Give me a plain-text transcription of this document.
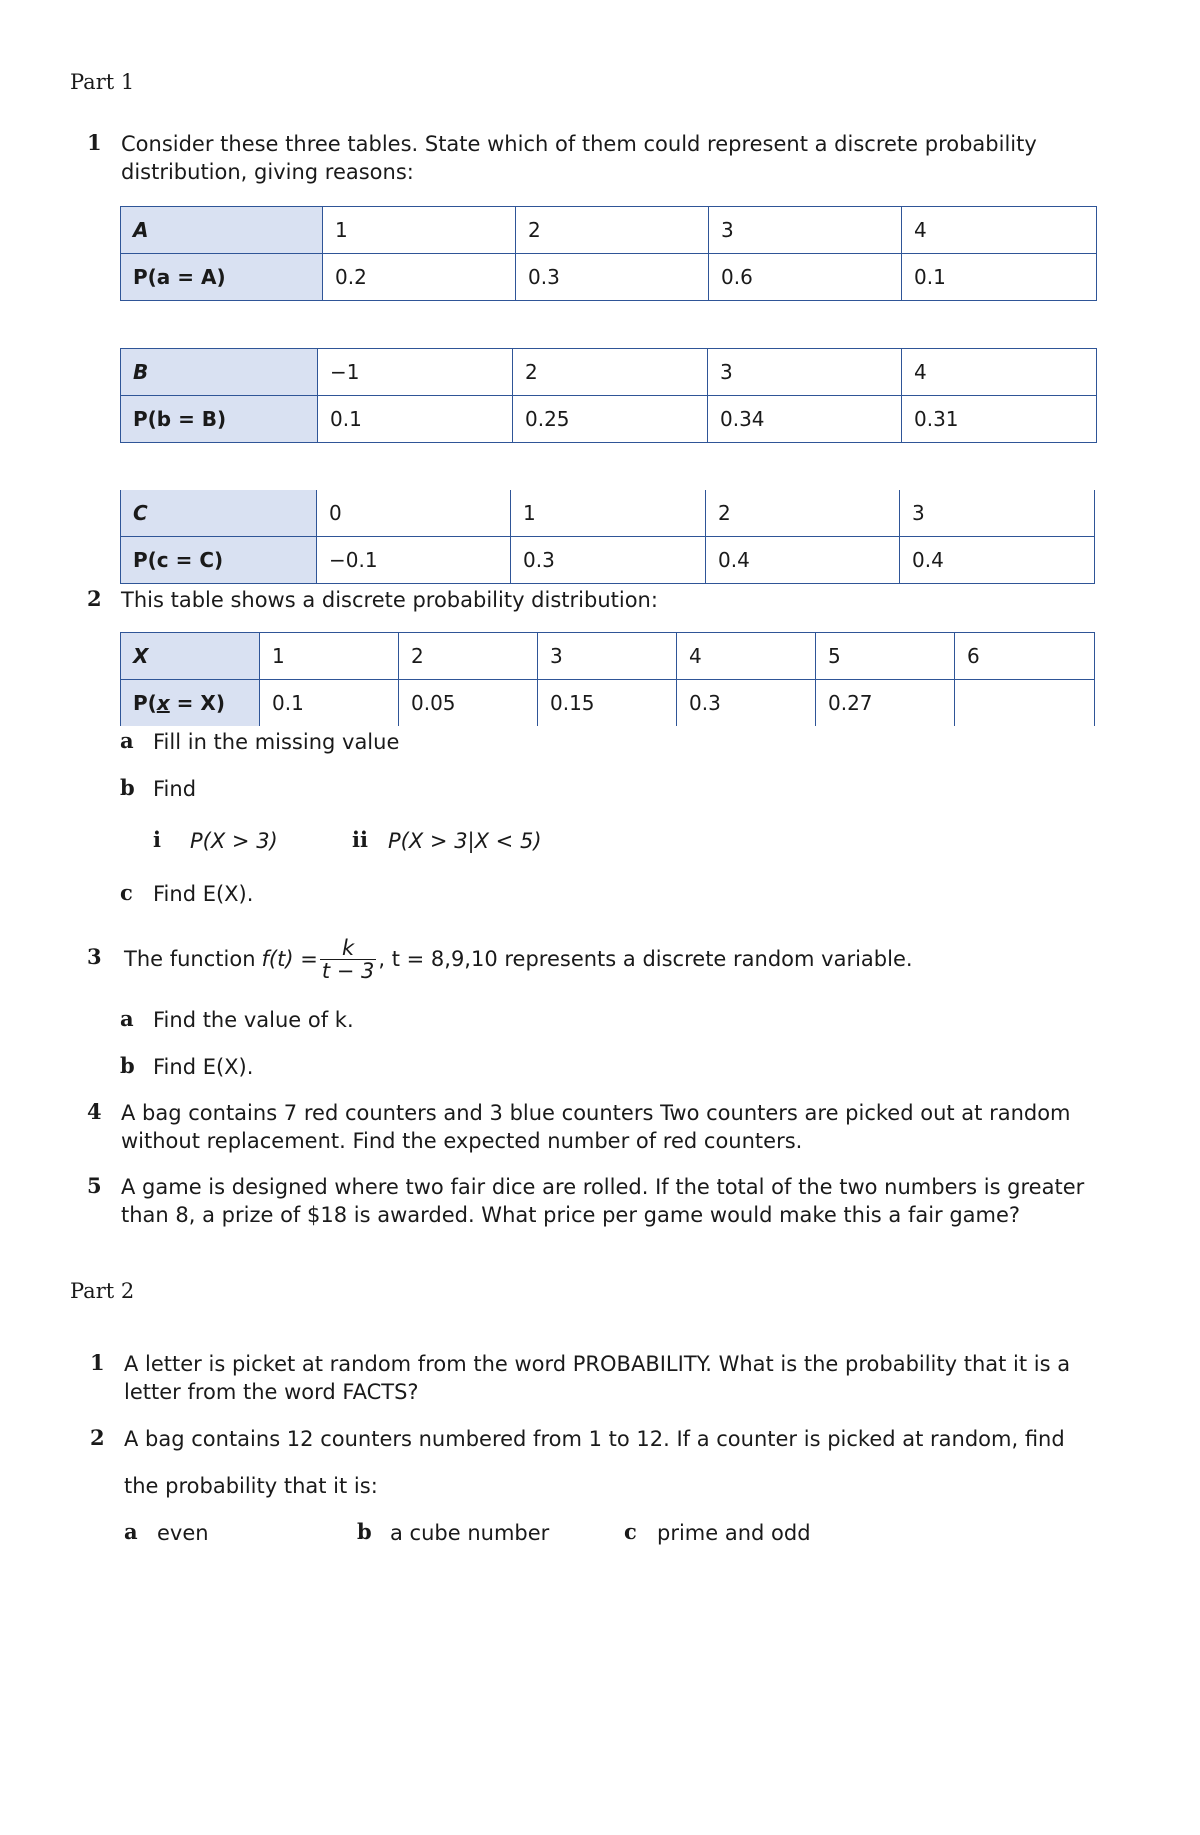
Part 1
1 Consider these three tables. State which of them could represent a discrete probability distribution, giving reasons:
A	1	2	3	4
P(a = A)	0.2	0.3	0.6	0.1
B	−1	2	3	4
P(b = B)	0.1	0.25	0.34	0.31
C	0	1	2	3
P(c = C)	−0.1	0.3	0.4	0.4
2 This table shows a discrete probability distribution:
X	1	2	3	4	5	6
P(x = X)	0.1	0.05	0.15	0.3	0.27	
a Fill in the missing value
b Find
i P(X > 3)	ii P(X > 3|X < 5)
c Find E(X).
3 The function $f(t) = \frac{k}{t - 3}$ , t = 8,9,10 represents a discrete random variable.
a Find the value of k.
b Find E(X).
4 A bag contains 7 red counters and 3 blue counters Two counters are picked out at random
without replacement. Find the expected number of red counters.
5 A game is designed where two fair dice are rolled. If the total of the two numbers is greater
than 8, a prize of $18 is awarded. What price per game would make this a fair game?
Part 2
1 A letter is picket at random from the word PROBABILITY. What is the probability that it is a
letter from the word FACTS?
2 A bag contains 12 counters numbered from 1 to 12. If a counter is picked at random, find
the probability that it is:
a even	b a cube number	c prime and odd
